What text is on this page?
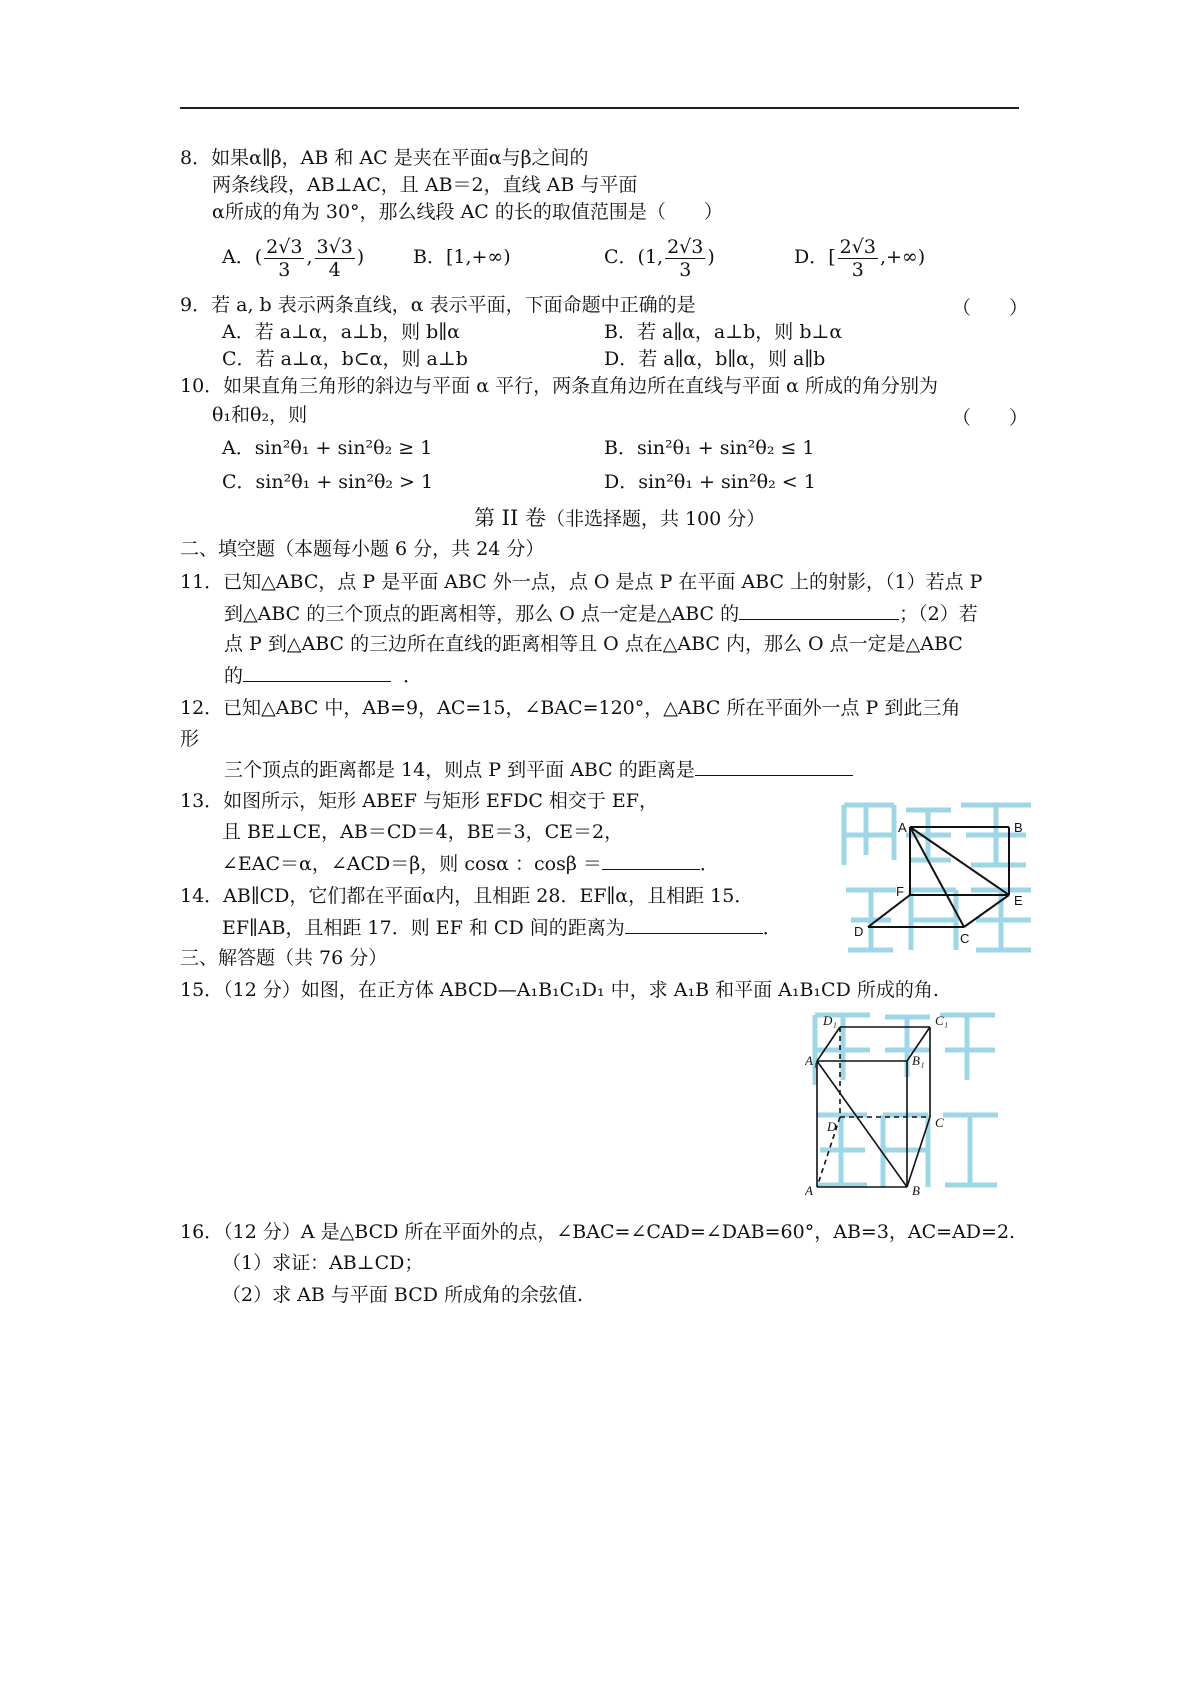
8．如果α∥β，AB 和 AC 是夹在平面α与β之间的
两条线段，AB⊥AC，且 AB＝2，直线 AB 与平面
α所成的角为 30°，那么线段 AC 的长的取值范围是（　　）
A．( $\frac{2√3}{3}$ , $\frac{3√3}{4}$ )	B．[1,+∞)	C．(1, $\frac{2√3}{3}$ )	D．[ $\frac{2√3}{3}$ ,+∞)
9．若 a, b 表示两条直线，α 表示平面，下面命题中正确的是	（　　）
A．若 a⊥α，a⊥b，则 b∥α	B．若 a∥α，a⊥b，则 b⊥α
C．若 a⊥α，b⊂α，则 a⊥b	D．若 a∥α，b∥α，则 a∥b
10．如果直角三角形的斜边与平面 α 平行，两条直角边所在直线与平面 α 所成的角分别为
θ₁和θ₂，则	（　　）
A．sin²θ₁ + sin²θ₂ ≥ 1	B．sin²θ₁ + sin²θ₂ ≤ 1
C．sin²θ₁ + sin²θ₂ > 1	D．sin²θ₁ + sin²θ₂ < 1
第 II 卷（非选择题，共 100 分）
二、填空题（本题每小题 6 分，共 24 分）
11．已知△ABC，点 P 是平面 ABC 外一点，点 O 是点 P 在平面 ABC 上的射影，（1）若点 P
到△ABC 的三个顶点的距离相等，那么 O 点一定是△ABC 的	；（2）若
点 P 到△ABC 的三边所在直线的距离相等且 O 点在△ABC 内，那么 O 点一定是△ABC
的	．
12．已知△ABC 中，AB=9，AC=15，∠BAC=120°，△ABC 所在平面外一点 P 到此三角
形
三个顶点的距离都是 14，则点 P 到平面 ABC 的距离是
13．如图所示，矩形 ABEF 与矩形 EFDC 相交于 EF，
且 BE⊥CE，AB＝CD＝4，BE＝3，CE＝2，
∠EAC＝α，∠ACD＝β，则 cosα ：cosβ ＝	．
14．AB∥CD，它们都在平面α内，且相距 28．EF∥α，且相距 15．
EF∥AB，且相距 17．则 EF 和 CD 间的距离为	．
三、解答题（共 76 分）
15．（12 分）如图，在正方体 ABCD—A₁B₁C₁D₁ 中，求 A₁B 和平面 A₁B₁CD 所成的角.
16．（12 分）A 是△BCD 所在平面外的点，∠BAC=∠CAD=∠DAB=60°，AB=3，AC=AD=2.
（1）求证：AB⊥CD；
（2）求 AB 与平面 BCD 所成角的余弦值.
A	B
F
E
D	C
D₁	C₁
A₁	B₁
D	C
A	B
